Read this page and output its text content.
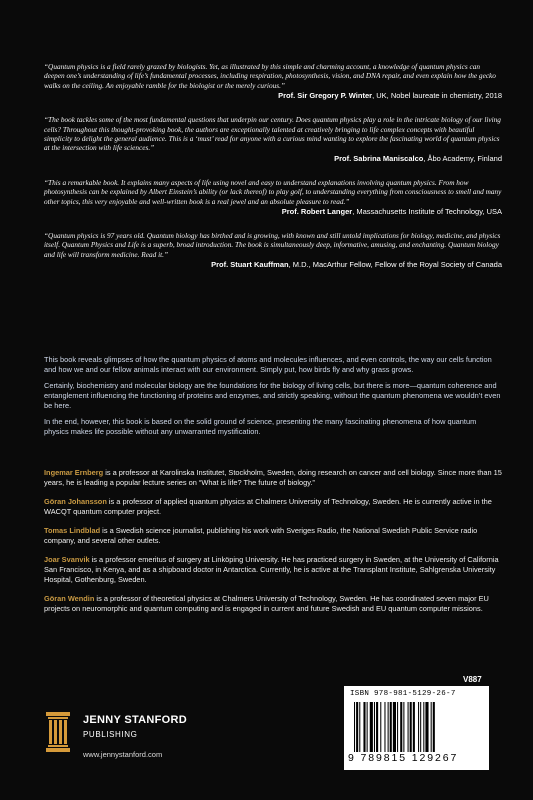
“Quantum physics is a field rarely grazed by biologists. Yet, as illustrated by this simple and charming account, a knowledge of quantum physics can deepen one’s understanding of life’s fundamental processes, including respiration, photosynthesis, vision, and DNA repair, and even explain how the gecko walks on the ceiling. An enjoyable ramble for the biologist or the merely curious.”

Prof. Sir Gregory P. Winter, UK, Nobel laureate in chemistry, 2018

“The book tackles some of the most fundamental questions that underpin our century. Does quantum physics play a role in the intricate biology of our living cells? Throughout this thought-provoking book, the authors are exceptionally talented at creatively bringing to life complex concepts with beautiful simplicity to delight the general audience. This is a ‘must’ read for anyone with a curious mind wanting to explore the fascinating world of quantum physics at the intersection with life sciences.”

Prof. Sabrina Maniscalco, Åbo Academy, Finland

“This a remarkable book. It explains many aspects of life using novel and easy to understand explanations involving quantum physics. From how photosynthesis can be explained by Albert Einstein’s ability (or lack thereof) to play golf, to understanding everything from consciousness to smell and many other topics, this very enjoyable and well-written book is a real jewel and an absolute pleasure to read.”

Prof. Robert Langer, Massachusetts Institute of Technology, USA

“Quantum physics is 97 years old. Quantum biology has birthed and is growing, with known and still untold implications for biology, medicine, and physics itself. Quantum Physics and Life is a superb, broad introduction. The book is simultaneously deep, informative, amusing, and enchanting. Quantum biology and life will transform medicine. Read it.”

Prof. Stuart Kauffman, M.D., MacArthur Fellow, Fellow of the Royal Society of Canada

This book reveals glimpses of how the quantum physics of atoms and molecules influences, and even controls, the way our cells function and how we and our fellow animals interact with our environment. Simply put, how birds fly and why grass grows.

Certainly, biochemistry and molecular biology are the foundations for the biology of living cells, but there is more—quantum coherence and entanglement influencing the functioning of proteins and enzymes, and strictly speaking, without the quantum phenomena we wouldn’t even be here.

In the end, however, this book is based on the solid ground of science, presenting the many fascinating phenomena of how quantum physics makes life possible without any unwarranted mystification.

Ingemar Ernberg is a professor at Karolinska Institutet, Stockholm, Sweden, doing research on cancer and cell biology. Since more than 15 years, he is leading a popular lecture series on “What is life? The future of biology.”

Göran Johansson is a professor of applied quantum physics at Chalmers University of Technology, Sweden. He is currently active in the WACQT quantum computer project.

Tomas Lindblad is a Swedish science journalist, publishing his work with Sveriges Radio, the National Swedish Public Service radio company, and several other outlets.

Joar Svanvik is a professor emeritus of surgery at Linköping University. He has practiced surgery in Sweden, at the University of California San Francisco, in Kenya, and as a shipboard doctor in Antarctica. Currently, he is active at the Transplant Institute, Sahlgrenska University Hospital, Gothenburg, Sweden.

Göran Wendin is a professor of theoretical physics at Chalmers University of Technology, Sweden. He has coordinated seven major EU projects on neuromorphic and quantum computing and is engaged in current and future Swedish and EU quantum computer missions.

JENNY STANFORD
PUBLISHING
www.jennystanford.com
V887
ISBN 978-981-5129-26-7
9 789815 129267
